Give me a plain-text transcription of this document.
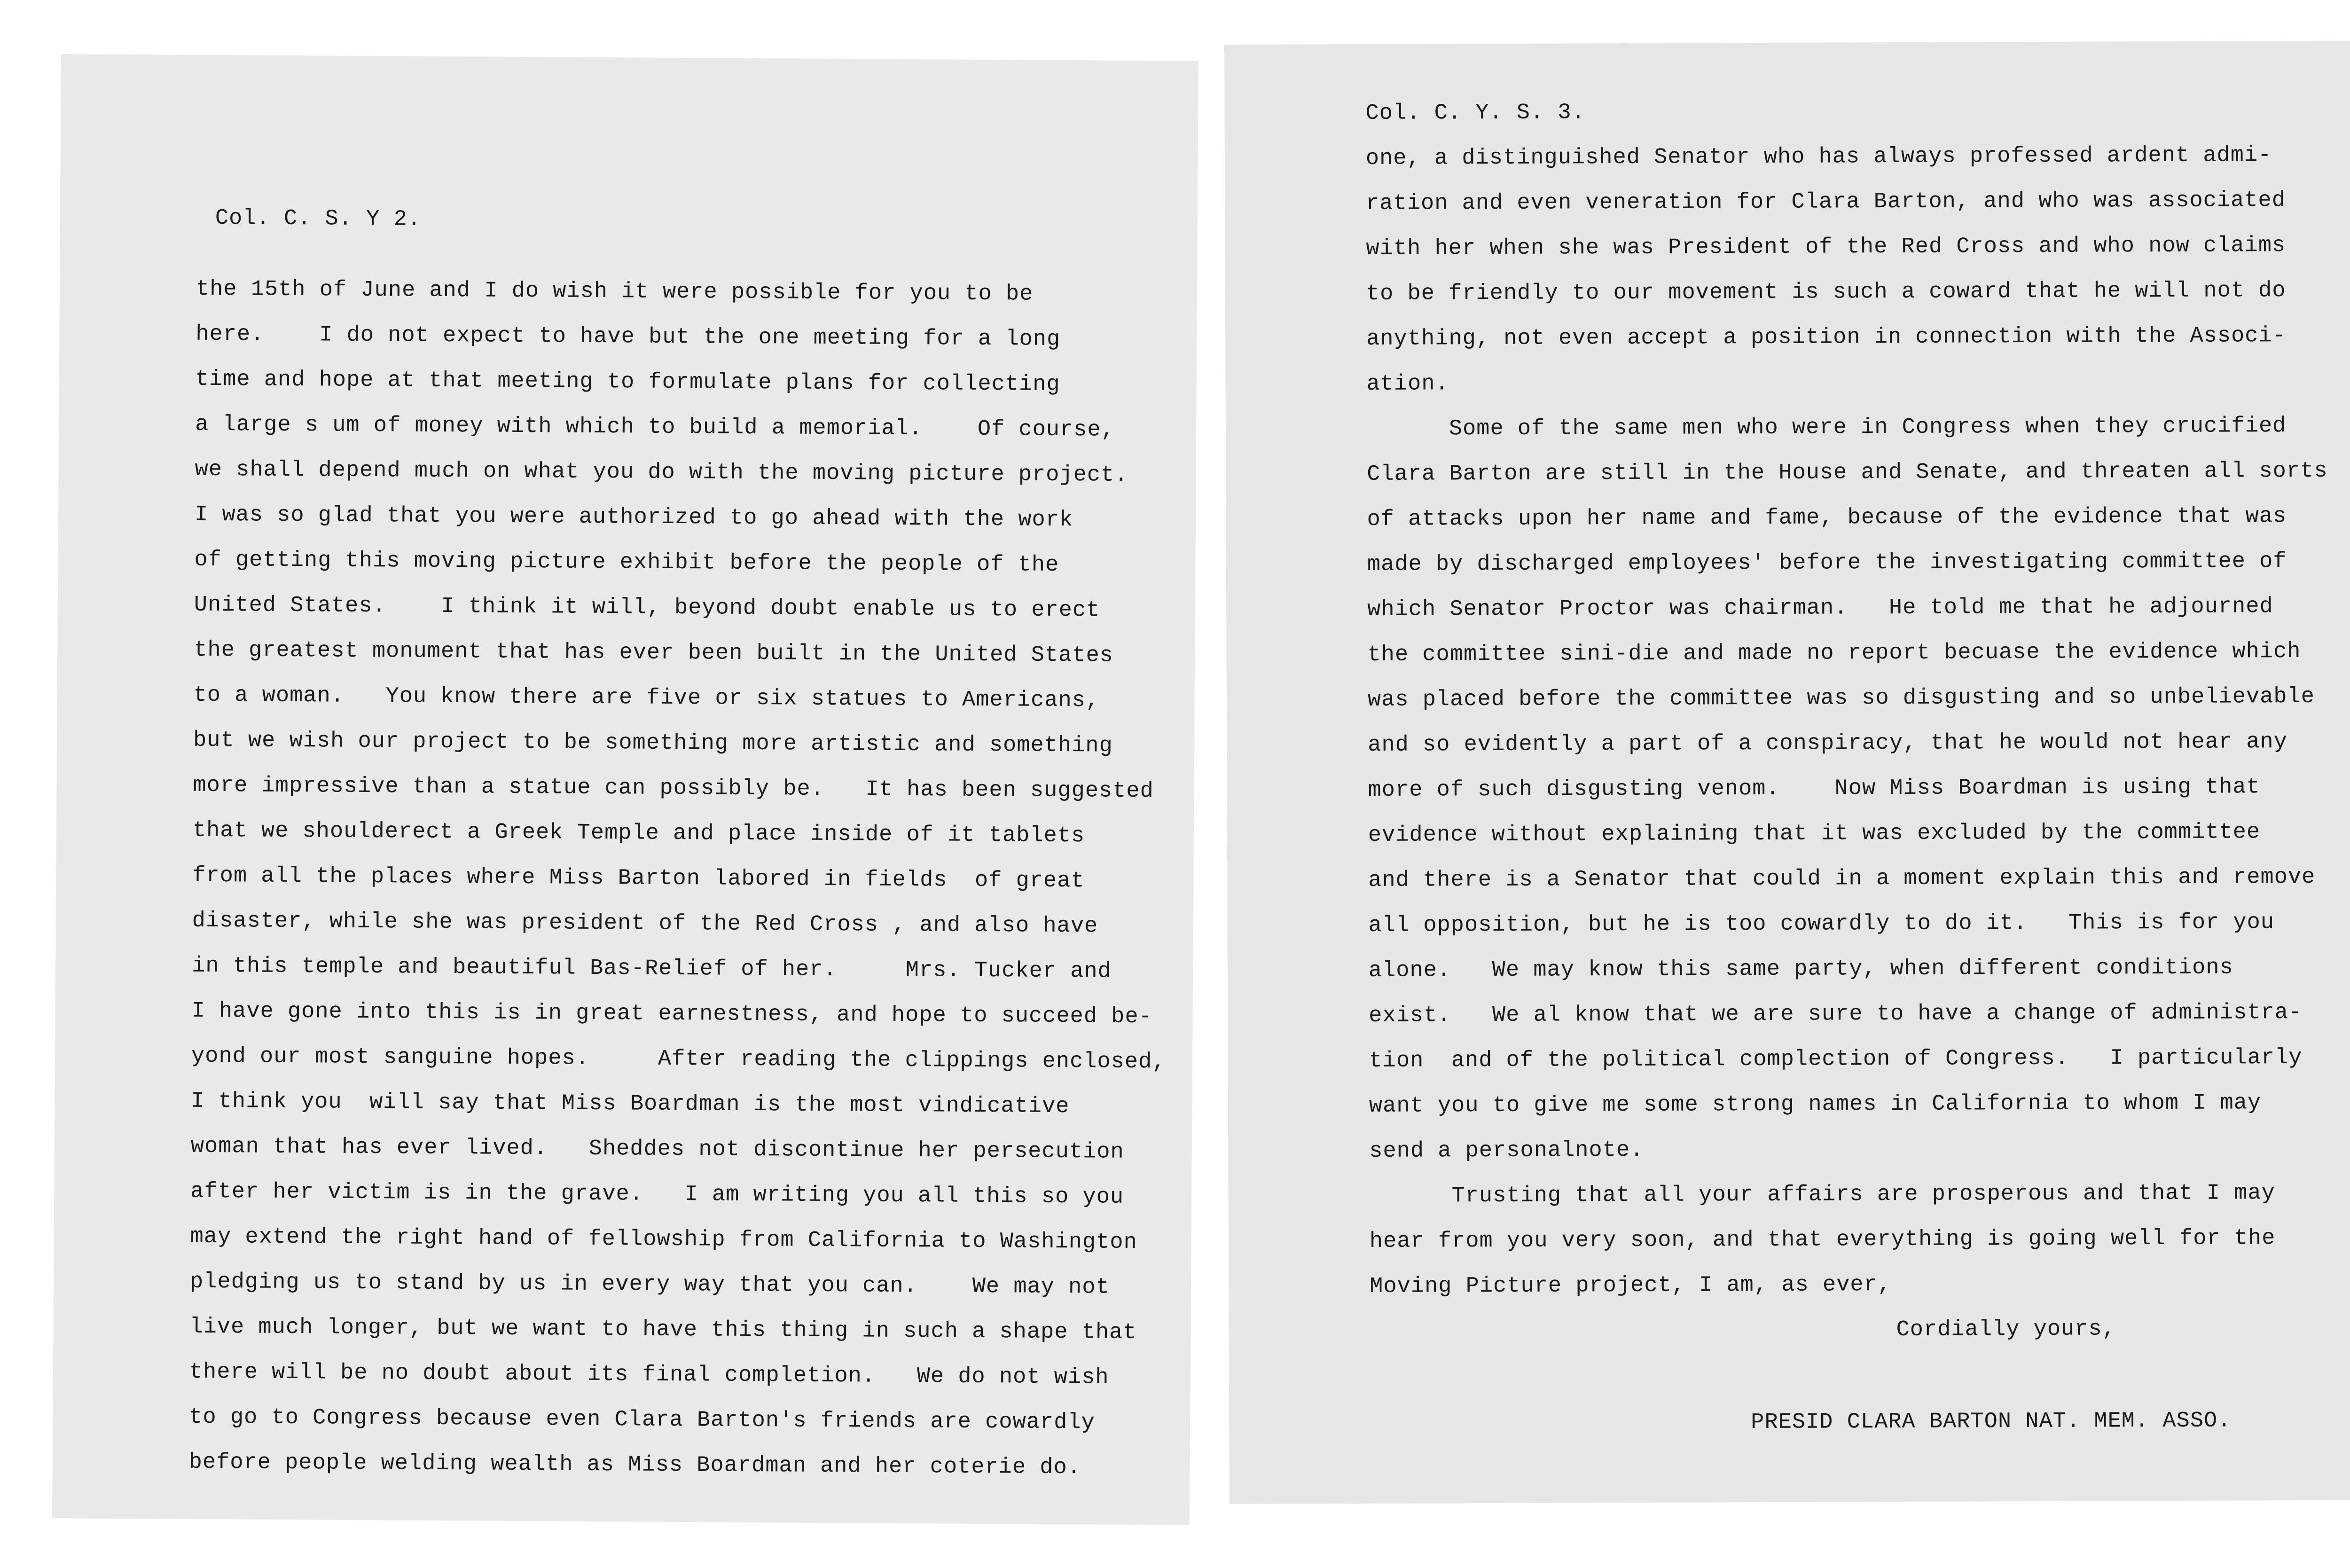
Col. C. S. Y 2.
the 15th of June and I do wish it were possible for you to be
here.    I do not expect to have but the one meeting for a long
time and hope at that meeting to formulate plans for collecting
a large s um of money with which to build a memorial.    Of course,
we shall depend much on what you do with the moving picture project.
I was so glad that you were authorized to go ahead with the work
of getting this moving picture exhibit before the people of the
United States.    I think it will, beyond doubt enable us to erect
the greatest monument that has ever been built in the United States
to a woman.   You know there are five or six statues to Americans,
but we wish our project to be something more artistic and something
more impressive than a statue can possibly be.   It has been suggested
that we shoulderect a Greek Temple and place inside of it tablets
from all the places where Miss Barton labored in fields  of great
disaster, while she was president of the Red Cross , and also have
in this temple and beautiful Bas-Relief of her.     Mrs. Tucker and
I have gone into this is in great earnestness, and hope to succeed be-
yond our most sanguine hopes.     After reading the clippings enclosed,
I think you  will say that Miss Boardman is the most vindicative
woman that has ever lived.   Sheddes not discontinue her persecution
after her victim is in the grave.   I am writing you all this so you
may extend the right hand of fellowship from California to Washington
pledging us to stand by us in every way that you can.    We may not
live much longer, but we want to have this thing in such a shape that
there will be no doubt about its final completion.   We do not wish
to go to Congress because even Clara Barton's friends are cowardly
before people welding wealth as Miss Boardman and her coterie do.
Col. C. Y. S. 3.
one, a distinguished Senator who has always professed ardent admi-
ration and even veneration for Clara Barton, and who was associated
with her when she was President of the Red Cross and who now claims
to be friendly to our movement is such a coward that he will not do
anything, not even accept a position in connection with the Associ-
ation.
Some of the same men who were in Congress when they crucified
Clara Barton are still in the House and Senate, and threaten all sorts
of attacks upon her name and fame, because of the evidence that was
made by discharged employees' before the investigating committee of
which Senator Proctor was chairman.   He told me that he adjourned
the committee sini-die and made no report becuase the evidence which
was placed before the committee was so disgusting and so unbelievable
and so evidently a part of a conspiracy, that he would not hear any
more of such disgusting venom.    Now Miss Boardman is using that
evidence without explaining that it was excluded by the committee
and there is a Senator that could in a moment explain this and remove
all opposition, but he is too cowardly to do it.   This is for you
alone.   We may know this same party, when different conditions
exist.   We al know that we are sure to have a change of administra-
tion  and of the political complection of Congress.   I particularly
want you to give me some strong names in California to whom I may
send a personalnote.
Trusting that all your affairs are prosperous and that I may
hear from you very soon, and that everything is going well for the
Moving Picture project, I am, as ever,
Cordially yours,
PRESID CLARA BARTON NAT. MEM. ASSO.
